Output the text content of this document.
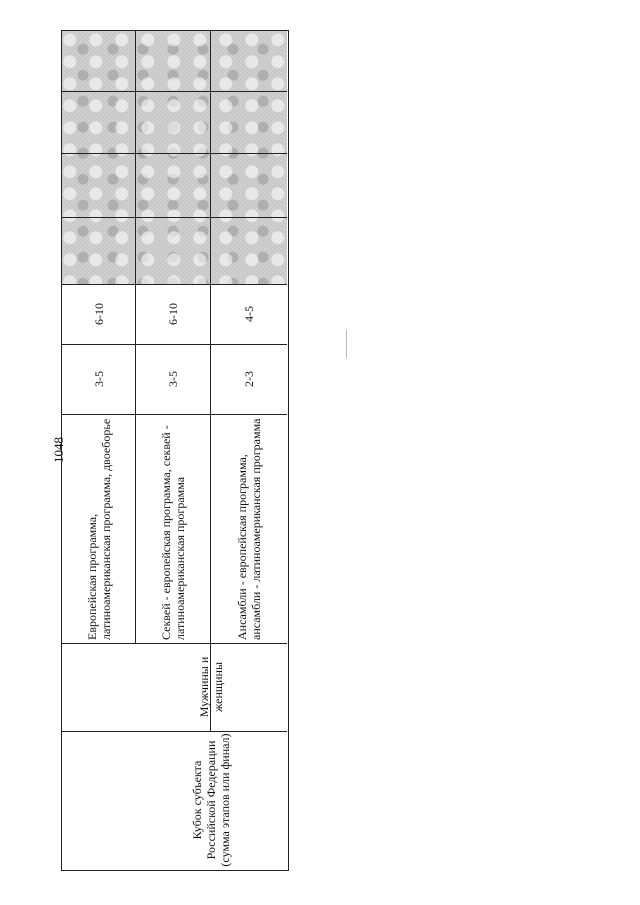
1048
Европейская программа, латиноамериканская программа, двоеборье
3-5
6-10
Секвей - европейская программа, секвей - латиноамериканская программа
3-5
6-10
Ансамбли - европейская программа, ансамбли - латиноамериканская программа
2-3
4-5
Мужчины и женщины
Кубок субъекта Российской Федерации (сумма этапов или финал)
